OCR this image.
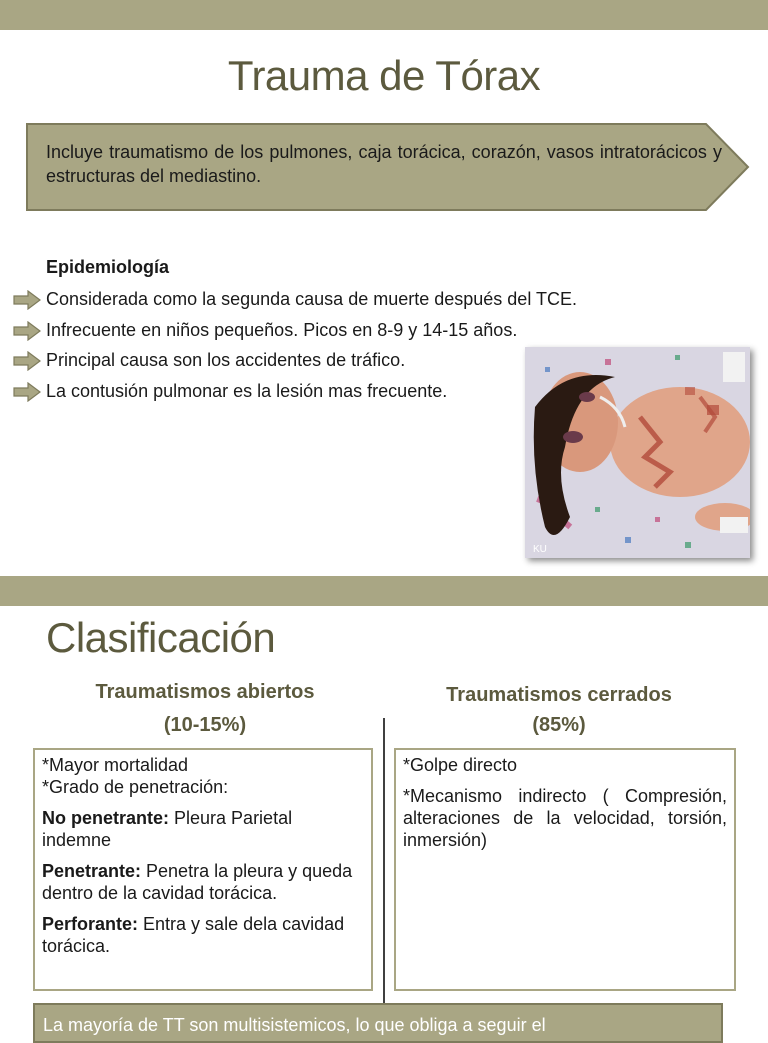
Trauma de Tórax
Incluye traumatismo de los pulmones, caja torácica, corazón, vasos intratorácicos y estructuras del mediastino.
Epidemiología
Considerada como la segunda causa de muerte después del TCE.
Infrecuente en niños pequeños. Picos en 8-9 y 14-15 años.
Principal causa son los accidentes de tráfico.
La contusión pulmonar es la lesión mas frecuente.
KU
Clasificación
Traumatismos abiertos
(10-15%)
Traumatismos cerrados
(85%)

*Mayor mortalidad

*Grado de penetración:

No penetrante: Pleura Parietal indemne

Penetrante: Penetra la pleura y queda dentro de la cavidad torácica.

Perforante: Entra y sale dela cavidad torácica.

*Golpe directo

*Mecanismo indirecto ( Compresión, alteraciones de la velocidad, torsión, inmersión)

La mayoría de TT son multisistemicos, lo que obliga a seguir el
